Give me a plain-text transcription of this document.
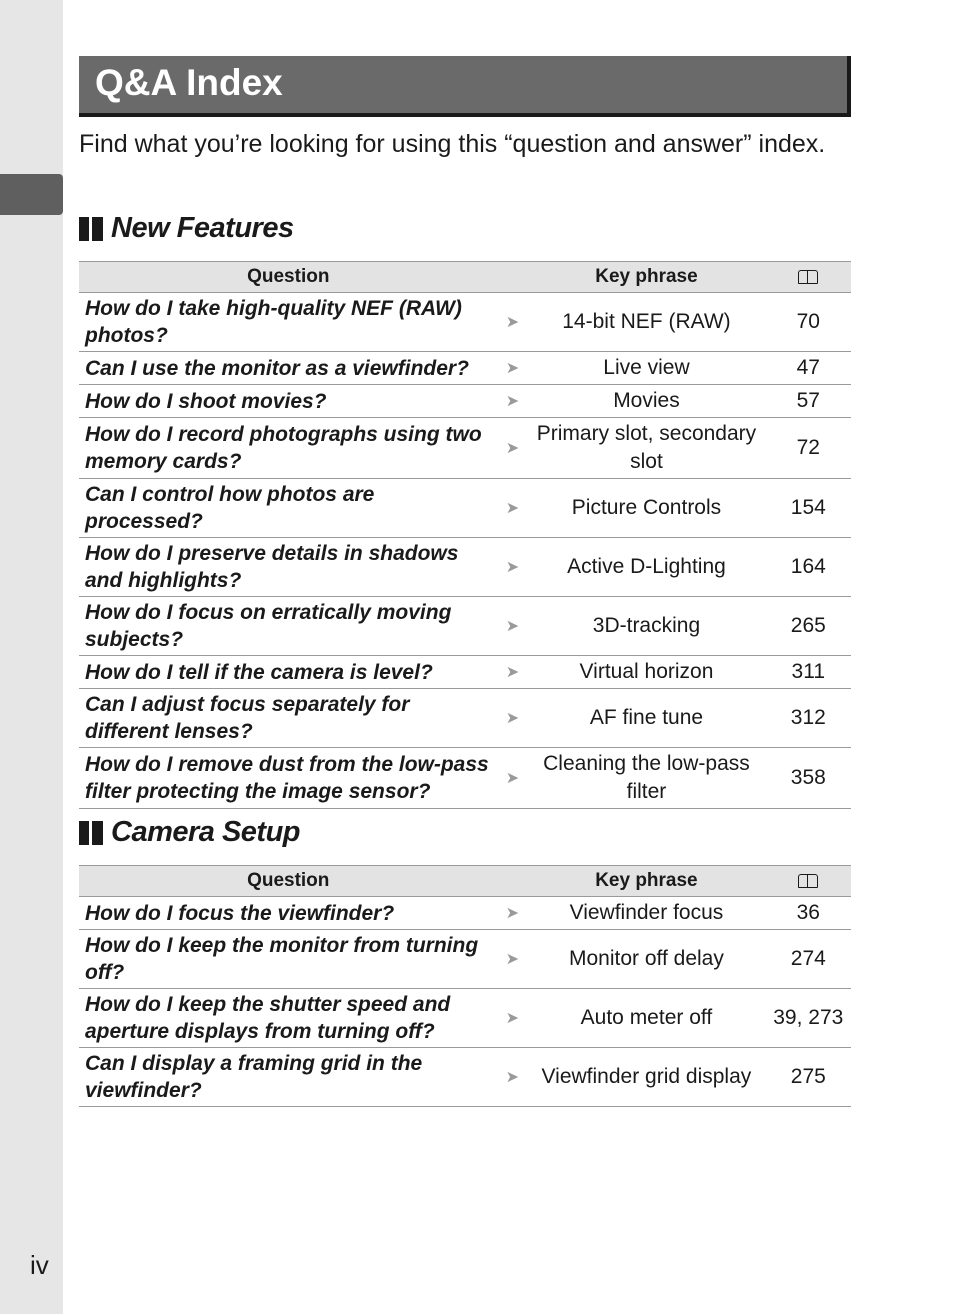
iv
Q&A Index
Find what you’re looking for using this “question and answer” index.
New Features
Question		Key phrase	
How do I take high-quality NEF (RAW) photos?	➤	14-bit NEF (RAW)	70
Can I use the monitor as a viewfinder?	➤	Live view	47
How do I shoot movies?	➤	Movies	57
How do I record photographs using two memory cards?	➤	Primary slot, secondary slot	72
Can I control how photos are processed?	➤	Picture Controls	154
How do I preserve details in shadows and highlights?	➤	Active D-Lighting	164
How do I focus on erratically moving subjects?	➤	3D-tracking	265
How do I tell if the camera is level?	➤	Virtual horizon	311
Can I adjust focus separately for different lenses?	➤	AF fine tune	312
How do I remove dust from the low-pass filter protecting the image sensor?	➤	Cleaning the low-pass filter	358
Camera Setup
Question		Key phrase	
How do I focus the viewfinder?	➤	Viewfinder focus	36
How do I keep the monitor from turning off?	➤	Monitor off delay	274
How do I keep the shutter speed and aperture displays from turning off?	➤	Auto meter off	39, 273
Can I display a framing grid in the viewfinder?	➤	Viewfinder grid display	275
